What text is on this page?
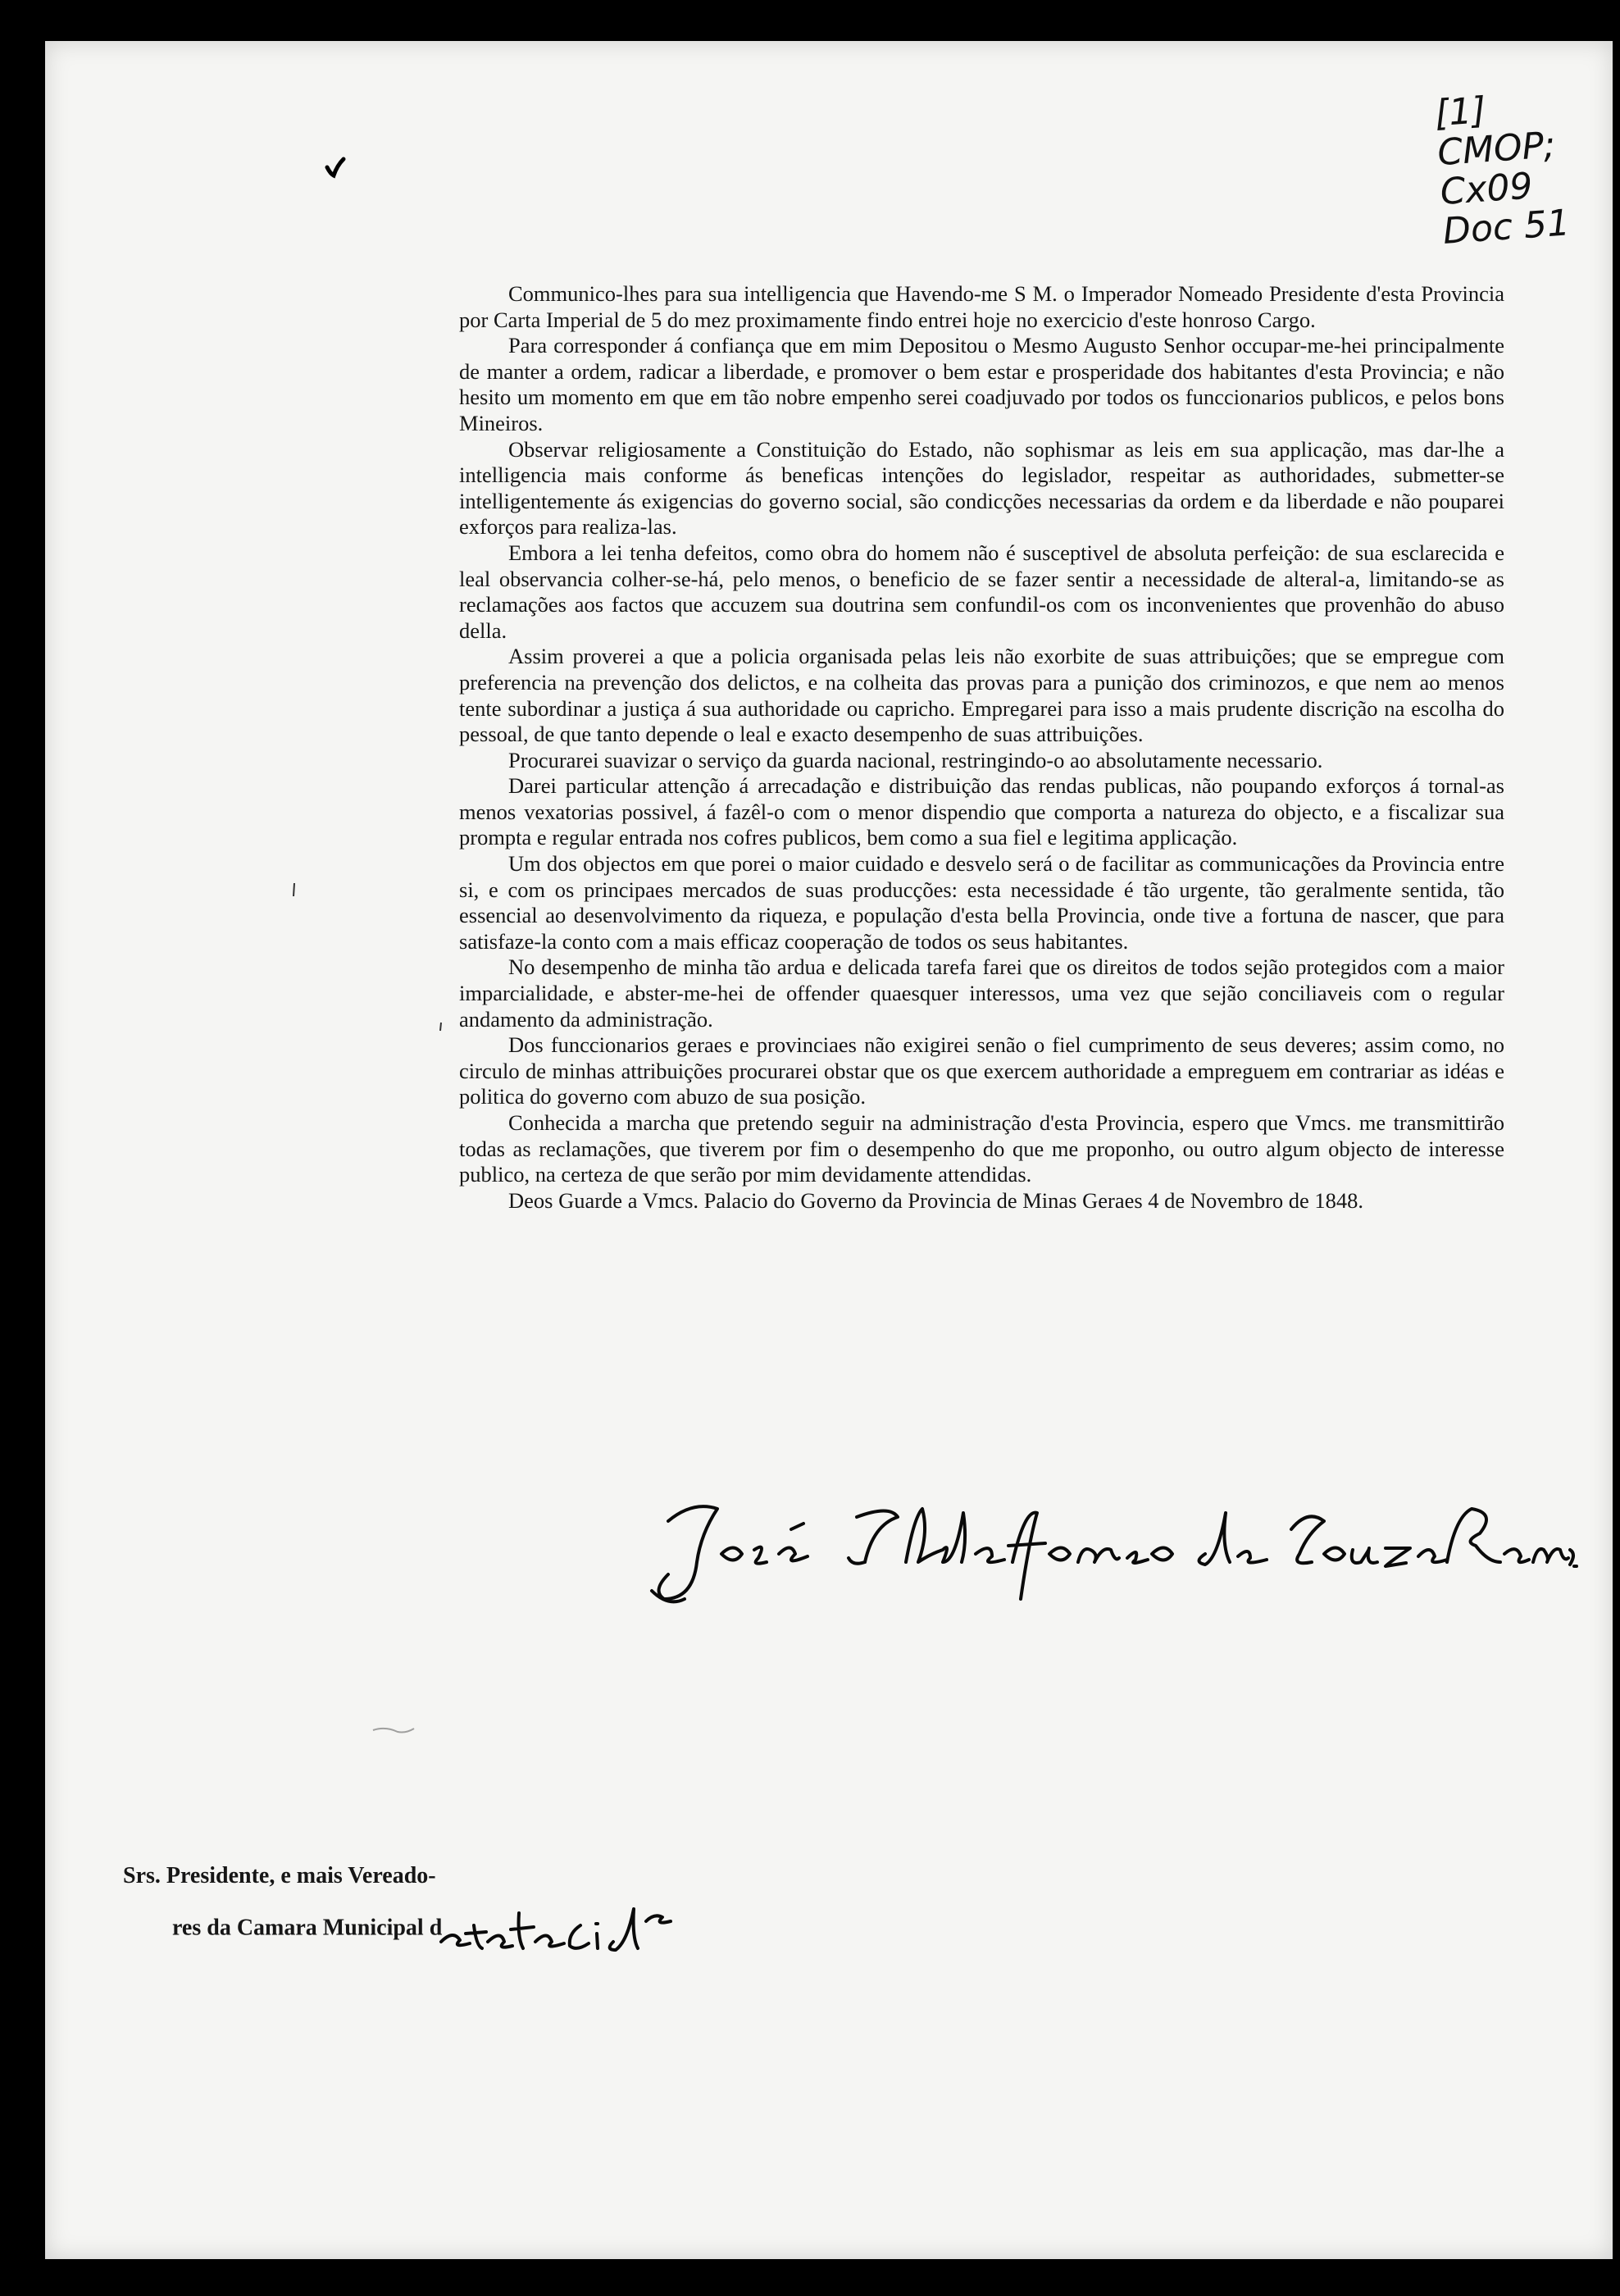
[1]
CMOP;
Cx09
Doc 51

Communico-lhes para sua intelligencia que Havendo-me S M. o Imperador Nomeado Presidente d'esta Provincia por Carta Imperial de 5 do mez proximamente findo entrei hoje no exercicio d'este honroso Cargo.

Para corresponder á confiança que em mim Depositou o Mesmo Augusto Senhor occupar-me-hei principalmente de manter a ordem, radicar a liberdade, e promover o bem estar e prosperidade dos habitantes d'esta Provincia; e não hesito um momento em que em tão nobre empenho serei coadjuvado por todos os funccionarios publicos, e pelos bons Mineiros.

Observar religiosamente a Constituição do Estado, não sophismar as leis em sua applicação, mas dar-lhe a intelligencia mais conforme ás beneficas intenções do legislador, respeitar as authoridades, submetter-se intelligentemente ás exigencias do governo social, são condicções necessarias da ordem e da liberdade e não pouparei exforços para realiza-las.

Embora a lei tenha defeitos, como obra do homem não é susceptivel de absoluta perfeição: de sua esclarecida e leal observancia colher-se-há, pelo menos, o beneficio de se fazer sentir a necessidade de alteral-a, limitando-se as reclamações aos factos que accuzem sua doutrina sem confundil-os com os inconvenientes que provenhão do abuso della.

Assim proverei a que a policia organisada pelas leis não exorbite de suas attribuições; que se empregue com preferencia na prevenção dos delictos, e na colheita das provas para a punição dos criminozos, e que nem ao menos tente subordinar a justiça á sua authoridade ou capricho. Empregarei para isso a mais prudente discrição na escolha do pessoal, de que tanto depende o leal e exacto desempenho de suas attribuições.

Procurarei suavizar o serviço da guarda nacional, restringindo-o ao absolutamente necessario.

Darei particular attenção á arrecadação e distribuição das rendas publicas, não poupando exforços á tornal-as menos vexatorias possivel, á fazêl-o com o menor dispendio que comporta a natureza do objecto, e a fiscalizar sua prompta e regular entrada nos cofres publicos, bem como a sua fiel e legitima applicação.

Um dos objectos em que porei o maior cuidado e desvelo será o de facilitar as communicações da Provincia entre si, e com os principaes mercados de suas producções: esta necessidade é tão urgente, tão geralmente sentida, tão essencial ao desenvolvimento da riqueza, e população d'esta bella Provincia, onde tive a fortuna de nascer, que para satisfaze-la conto com a mais efficaz cooperação de todos os seus habitantes.

No desempenho de minha tão ardua e delicada tarefa farei que os direitos de todos sejão protegidos com a maior imparcialidade, e abster-me-hei de offender quaesquer interessos, uma vez que sejão conciliaveis com o regular andamento da administração.

Dos funccionarios geraes e provinciaes não exigirei senão o fiel cumprimento de seus deveres; assim como, no circulo de minhas attribuições procurarei obstar que os que exercem authoridade a empreguem em contrariar as idéas e politica do governo com abuzo de sua posição.

Conhecida a marcha que pretendo seguir na administração d'esta Provincia, espero que Vmcs. me transmittirão todas as reclamações, que tiverem por fim o desempenho do que me proponho, ou outro algum objecto de interesse publico, na certeza de que serão por mim devidamente attendidas.

Deos Guarde a Vmcs. Palacio do Governo da Provincia de Minas Geraes 4 de Novembro de 1848.

Srs. Presidente, e mais Vereado-
res da Camara Municipal d
